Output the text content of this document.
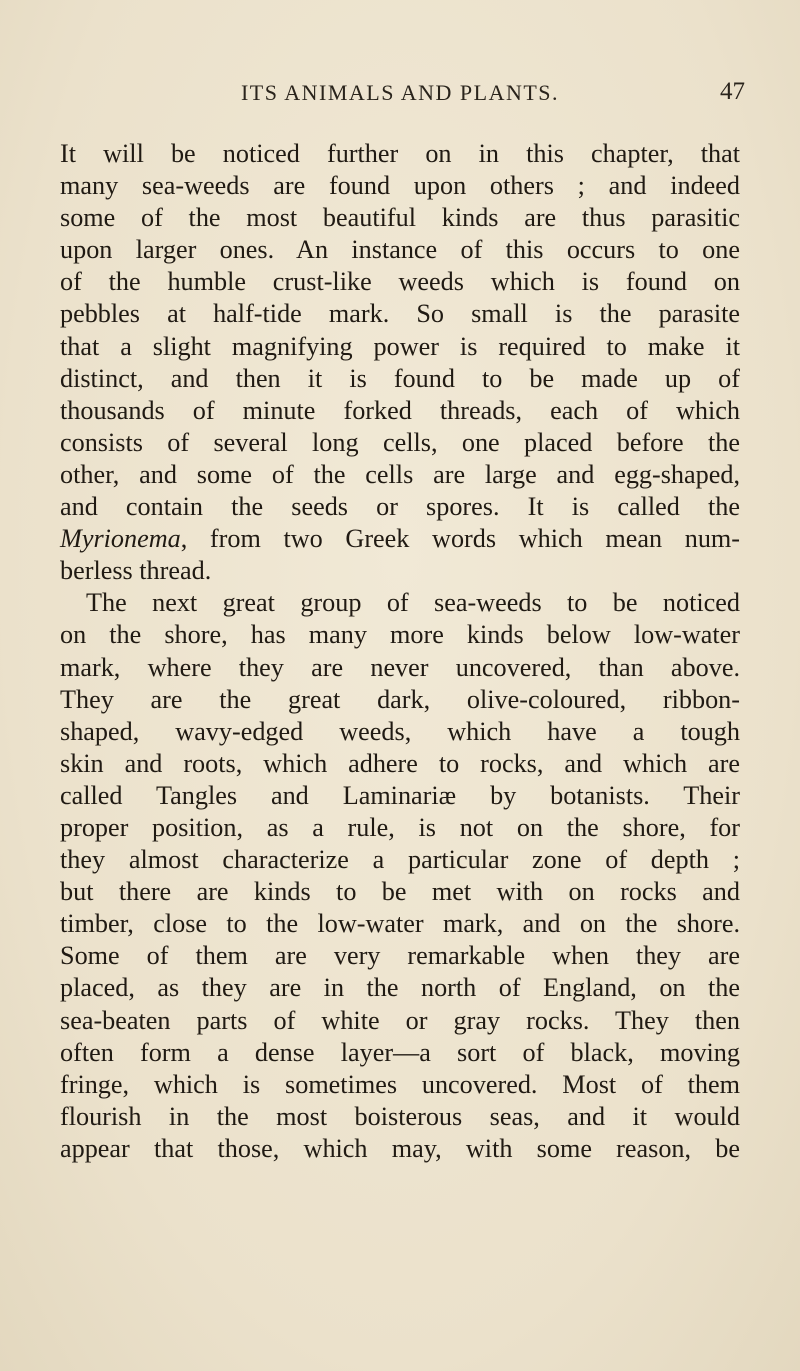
ITS ANIMALS AND PLANTS.	47
It will be noticed further on in this chapter, that
many sea-weeds are found upon others ; and indeed
some of the most beautiful kinds are thus parasitic
upon larger ones. An instance of this occurs to one
of the humble crust-like weeds which is found on
pebbles at half-tide mark. So small is the parasite
that a slight magnifying power is required to make it
distinct, and then it is found to be made up of
thousands of minute forked threads, each of which
consists of several long cells, one placed before the
other, and some of the cells are large and egg-shaped,
and contain the seeds or spores. It is called the
Myrionema, from two Greek words which mean num-
berless thread.
The next great group of sea-weeds to be noticed
on the shore, has many more kinds below low-water
mark, where they are never uncovered, than above.
They are the great dark, olive-coloured, ribbon-
shaped, wavy-edged weeds, which have a tough
skin and roots, which adhere to rocks, and which are
called Tangles and Laminariæ by botanists. Their
proper position, as a rule, is not on the shore, for
they almost characterize a particular zone of depth ;
but there are kinds to be met with on rocks and
timber, close to the low-water mark, and on the shore.
Some of them are very remarkable when they are
placed, as they are in the north of England, on the
sea-beaten parts of white or gray rocks. They then
often form a dense layer—a sort of black, moving
fringe, which is sometimes uncovered. Most of them
flourish in the most boisterous seas, and it would
appear that those, which may, with some reason, be
